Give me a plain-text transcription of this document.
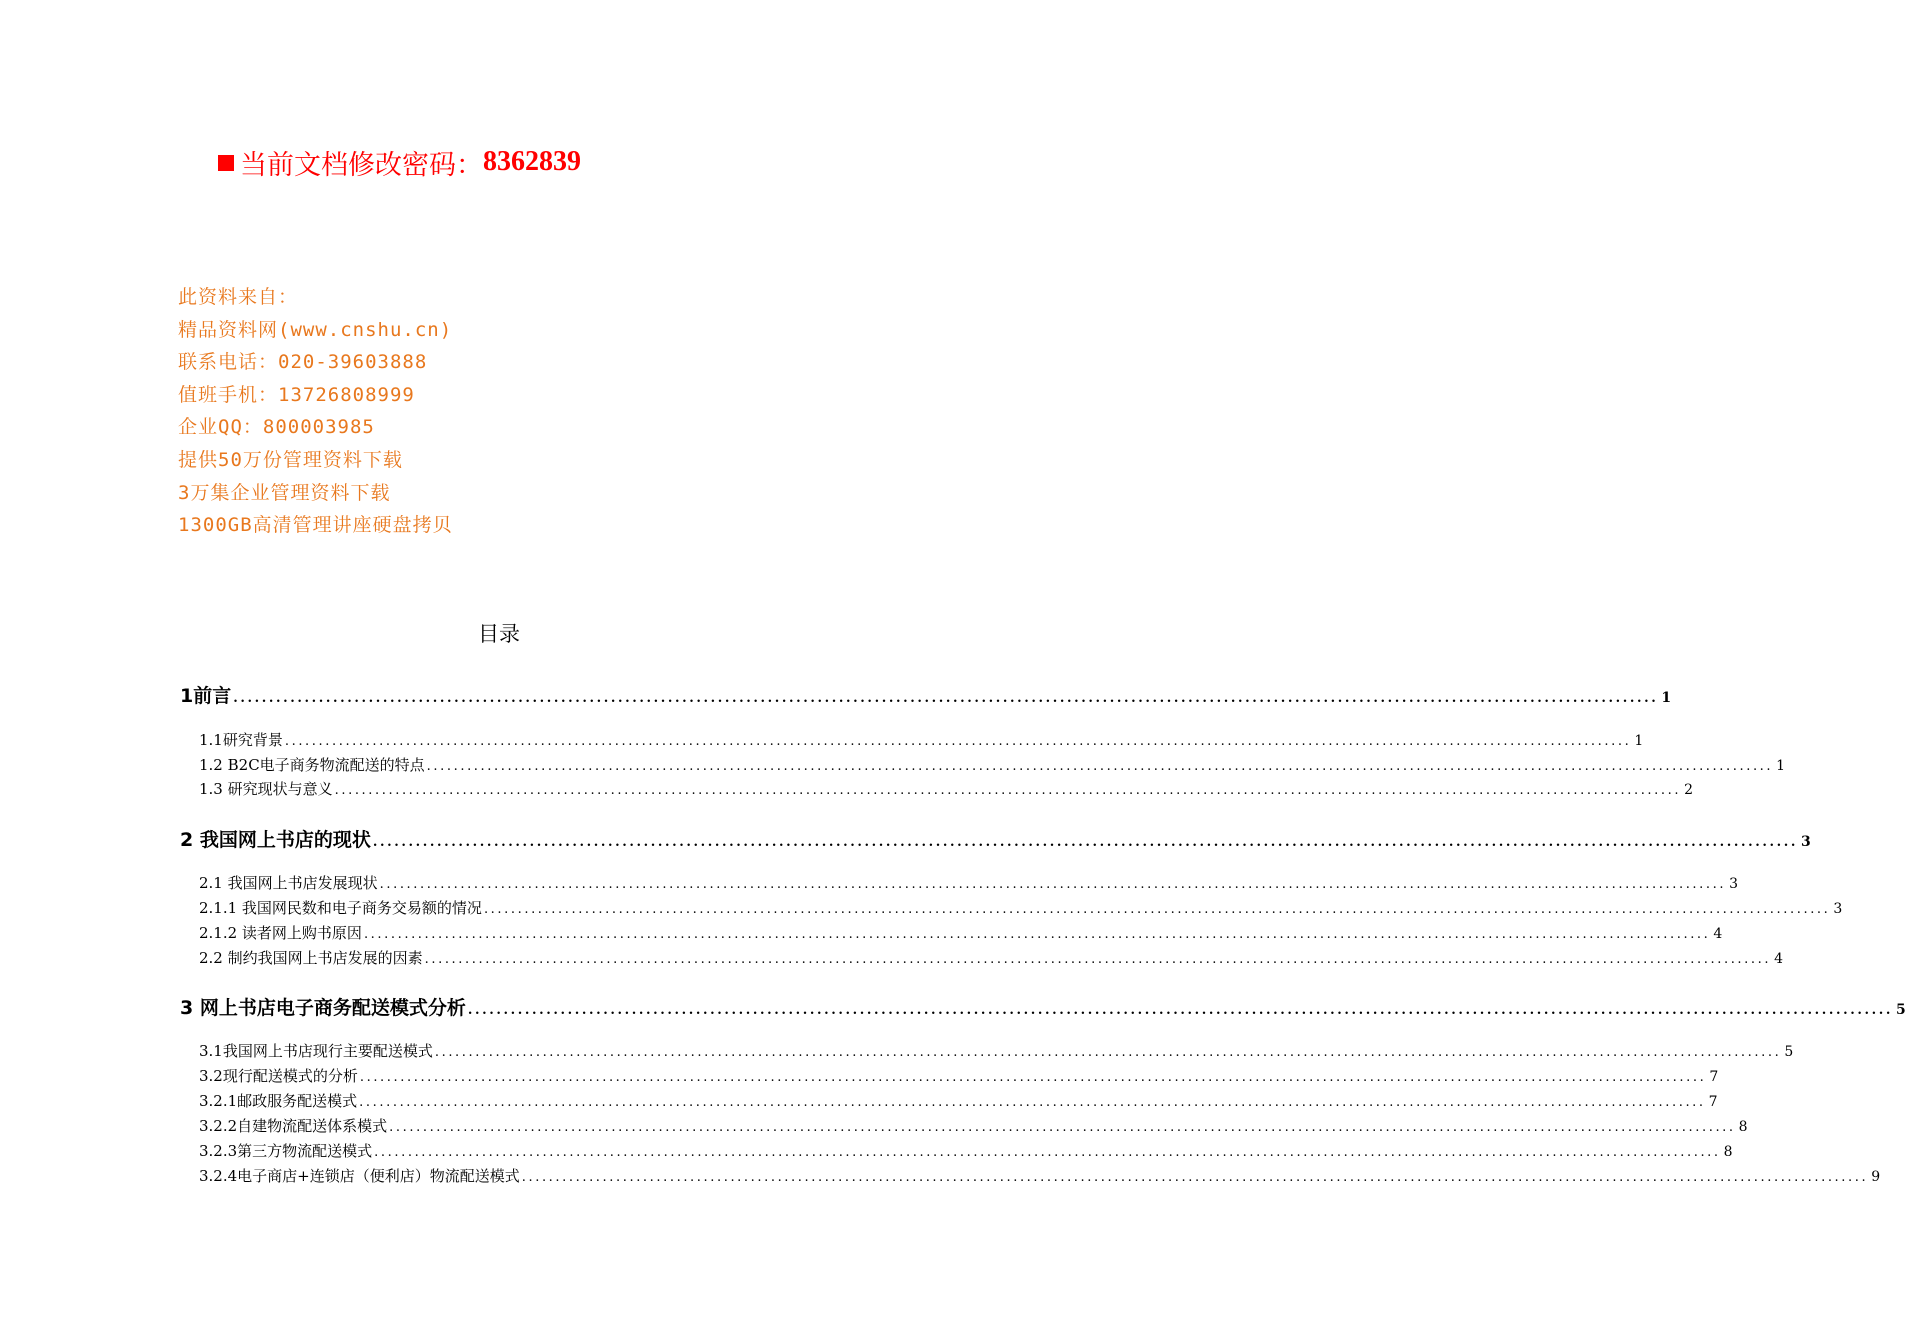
当前文档修改密码： 8362839
此资料来自：
精品资料网(www.cnshu.cn)
联系电话：020-39603888
值班手机：13726808999
企业QQ：800003985
提供50万份管理资料下载
3万集企业管理资料下载
1300GB高清管理讲座硬盘拷贝
目录
1前言 ........................................................................................................................................................................................................ 1
1.1研究背景 ........................................................................................................................................................................................................ 1
1.2 B2C电子商务物流配送的特点 ........................................................................................................................................................................................................ 1
1.3 研究现状与意义 ........................................................................................................................................................................................................ 2
2 我国网上书店的现状 ........................................................................................................................................................................................................ 3
2.1 我国网上书店发展现状 ........................................................................................................................................................................................................ 3
2.1.1 我国网民数和电子商务交易额的情况 ........................................................................................................................................................................................................ 3
2.1.2 读者网上购书原因 ........................................................................................................................................................................................................ 4
2.2 制约我国网上书店发展的因素 ........................................................................................................................................................................................................ 4
3 网上书店电子商务配送模式分析 ........................................................................................................................................................................................................ 5
3.1我国网上书店现行主要配送模式 ........................................................................................................................................................................................................ 5
3.2现行配送模式的分析 ........................................................................................................................................................................................................ 7
3.2.1邮政服务配送模式 ........................................................................................................................................................................................................ 7
3.2.2自建物流配送体系模式 ........................................................................................................................................................................................................ 8
3.2.3第三方物流配送模式 ........................................................................................................................................................................................................ 8
3.2.4电子商店+连锁店（便利店）物流配送模式 ........................................................................................................................................................................................................ 9
